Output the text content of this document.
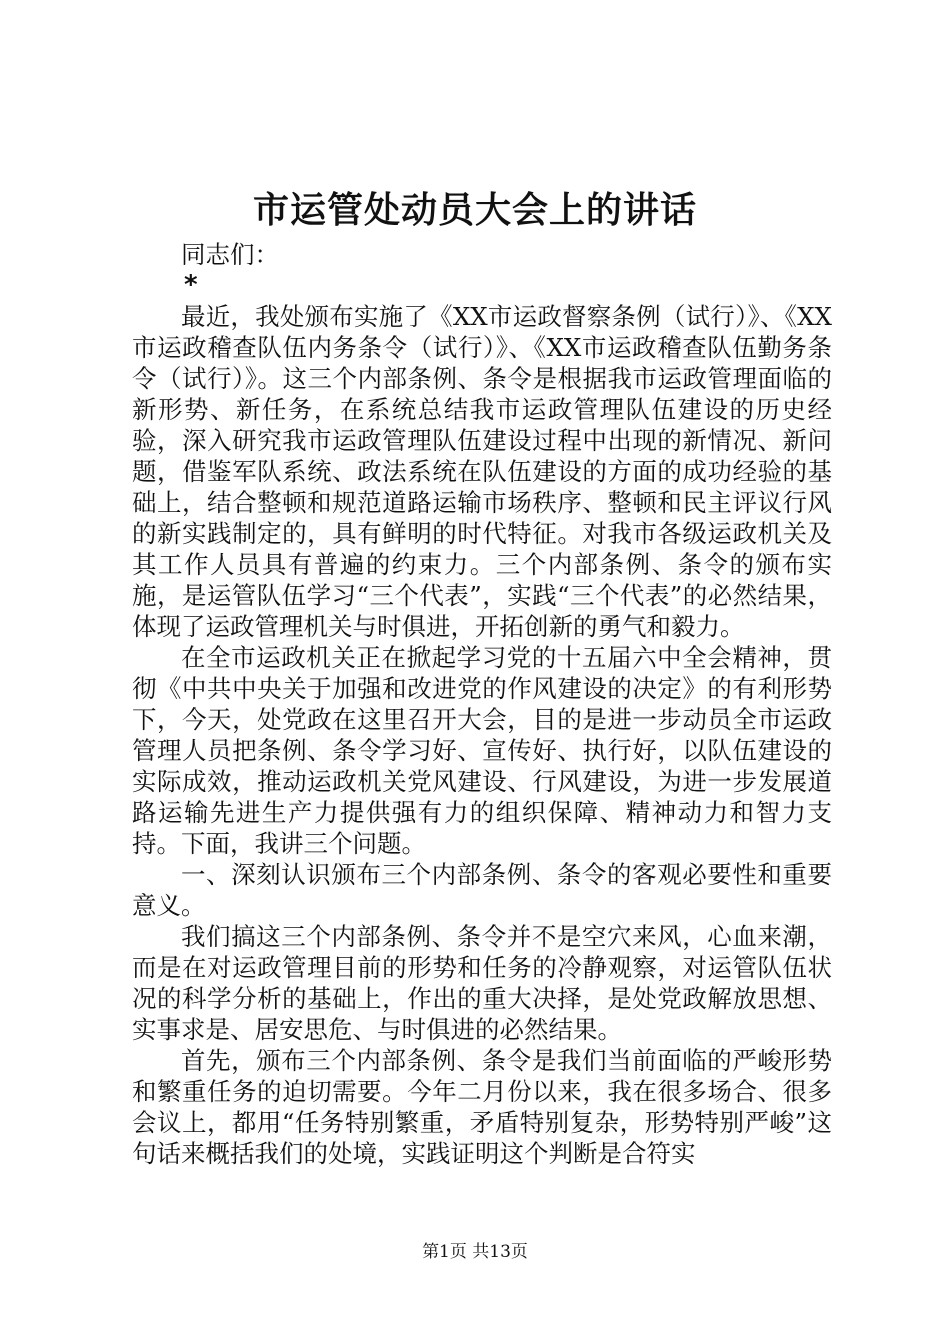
市运管处动员大会上的讲话

同志们：

*

最近，我处颁布实施了《XX市运政督察条例（试行）》、《XX市运政稽查队伍内务条令（试行）》、《XX市运政稽查队伍勤务条令（试行）》。这三个内部条例、条令是根据我市运政管理面临的新形势、新任务，在系统总结我市运政管理队伍建设的历史经验，深入研究我市运政管理队伍建设过程中出现的新情况、新问题，借鉴军队系统、政法系统在队伍建设的方面的成功经验的基础上，结合整顿和规范道路运输市场秩序、整顿和民主评议行风的新实践制定的，具有鲜明的时代特征。对我市各级运政机关及其工作人员具有普遍的约束力。三个内部条例、条令的颁布实施，是运管队伍学习“三个代表”，实践“三个代表”的必然结果，体现了运政管理机关与时俱进，开拓创新的勇气和毅力。

在全市运政机关正在掀起学习党的十五届六中全会精神，贯彻《中共中央关于加强和改进党的作风建设的决定》的有利形势下，今天，处党政在这里召开大会，目的是进一步动员全市运政管理人员把条例、条令学习好、宣传好、执行好，以队伍建设的实际成效，推动运政机关党风建设、行风建设，为进一步发展道路运输先进生产力提供强有力的组织保障、精神动力和智力支持。下面，我讲三个问题。

一、深刻认识颁布三个内部条例、条令的客观必要性和重要意义。

我们搞这三个内部条例、条令并不是空穴来风，心血来潮，而是在对运政管理目前的形势和任务的冷静观察，对运管队伍状况的科学分析的基础上，作出的重大决择，是处党政解放思想、实事求是、居安思危、与时俱进的必然结果。

首先，颁布三个内部条例、条令是我们当前面临的严峻形势和繁重任务的迫切需要。今年二月份以来，我在很多场合、很多会议上，都用“任务特别繁重，矛盾特别复杂，形势特别严峻”这句话来概括我们的处境，实践证明这个判断是合符实

第1页 共13页
